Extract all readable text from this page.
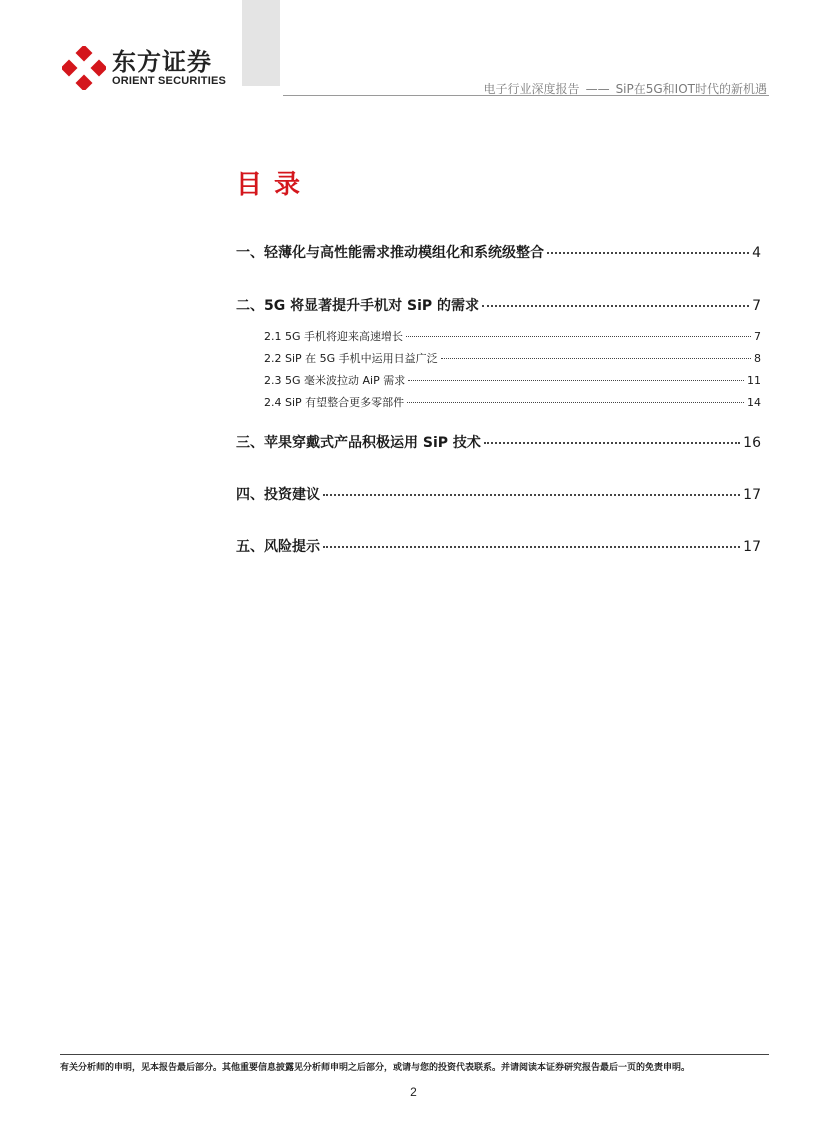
东方证券
ORIENT SECURITIES
电子行业深度报告 —— SiP在5G和IOT时代的新机遇
目录
一、轻薄化与高性能需求推动模组化和系统级整合	4
二、5G 将显著提升手机对 SiP 的需求	7
2.1 5G 手机将迎来高速增长	7
2.2 SiP 在 5G 手机中运用日益广泛	8
2.3 5G 毫米波拉动 AiP 需求	11
2.4 SiP 有望整合更多零部件	14
三、苹果穿戴式产品积极运用 SiP 技术	16
四、投资建议	17
五、风险提示	17
有关分析师的申明，见本报告最后部分。其他重要信息披露见分析师申明之后部分，或请与您的投资代表联系。并请阅读本证券研究报告最后一页的免责申明。
2
